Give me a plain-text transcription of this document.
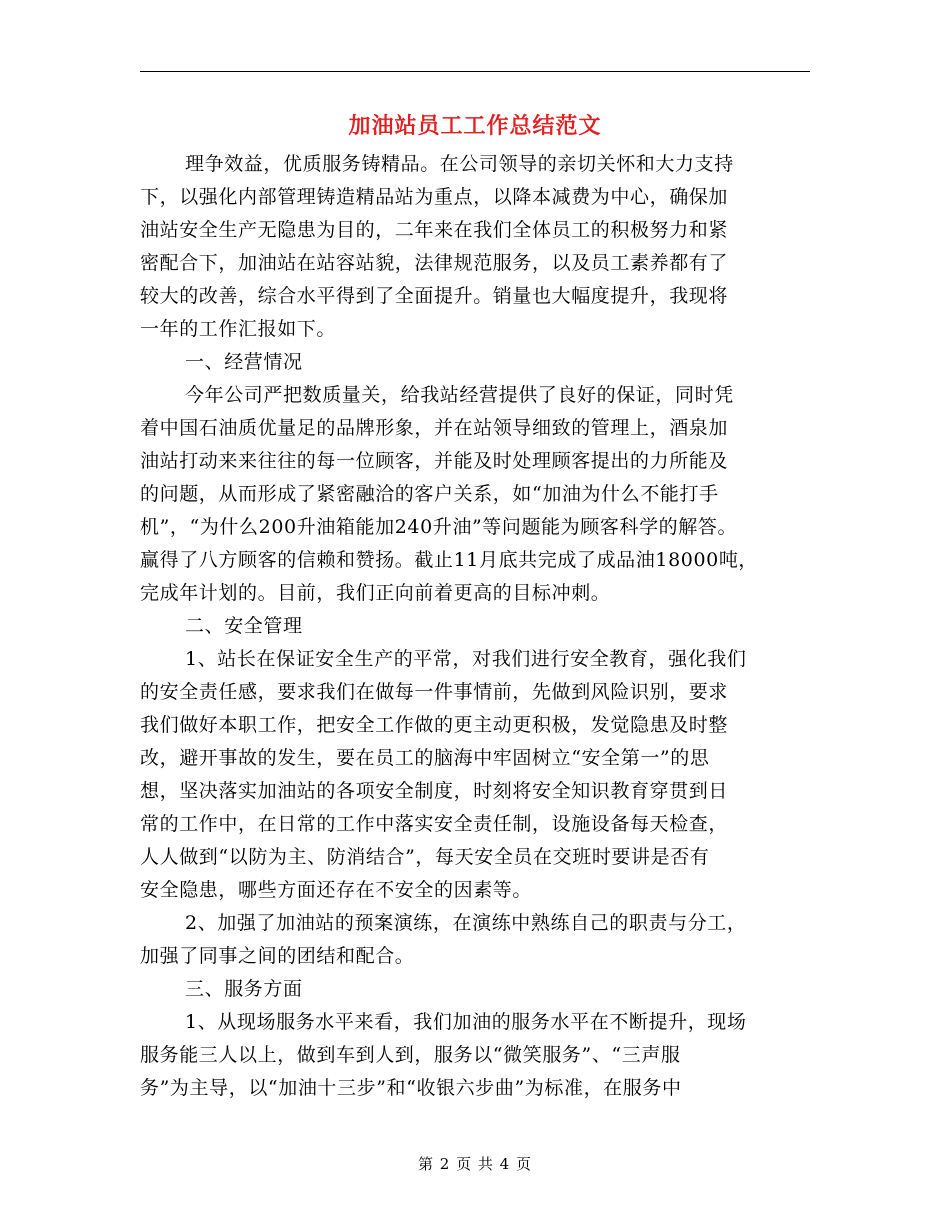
加油站员工工作总结范文
理争效益，优质服务铸精品。在公司领导的亲切关怀和大力支持
下，以强化内部管理铸造精品站为重点，以降本减费为中心，确保加
油站安全生产无隐患为目的，二年来在我们全体员工的积极努力和紧
密配合下，加油站在站容站貌，法律规范服务，以及员工素养都有了
较大的改善，综合水平得到了全面提升。销量也大幅度提升，我现将
一年的工作汇报如下。
一、经营情况
今年公司严把数质量关，给我站经营提供了良好的保证，同时凭
着中国石油质优量足的品牌形象，并在站领导细致的管理上，酒泉加
油站打动来来往往的每一位顾客，并能及时处理顾客提出的力所能及
的问题，从而形成了紧密融洽的客户关系，如“加油为什么不能打手
机”，“为什么200升油箱能加240升油”等问题能为顾客科学的解答。
赢得了八方顾客的信赖和赞扬。截止11月底共完成了成品油18000吨，
完成年计划的。目前，我们正向前着更高的目标冲刺。
二、安全管理
1、站长在保证安全生产的平常，对我们进行安全教育，强化我们
的安全责任感，要求我们在做每一件事情前，先做到风险识别，要求
我们做好本职工作，把安全工作做的更主动更积极，发觉隐患及时整
改，避开事故的发生，要在员工的脑海中牢固树立“安全第一”的思
想，坚决落实加油站的各项安全制度，时刻将安全知识教育穿贯到日
常的工作中，在日常的工作中落实安全责任制，设施设备每天检查，
人人做到“以防为主、防消结合”，每天安全员在交班时要讲是否有
安全隐患，哪些方面还存在不安全的因素等。
2、加强了加油站的预案演练，在演练中熟练自己的职责与分工，
加强了同事之间的团结和配合。
三、服务方面
1、从现场服务水平来看，我们加油的服务水平在不断提升，现场
服务能三人以上，做到车到人到，服务以“微笑服务”、“三声服
务”为主导，以“加油十三步”和“收银六步曲”为标准，在服务中
第 2 页 共 4 页
